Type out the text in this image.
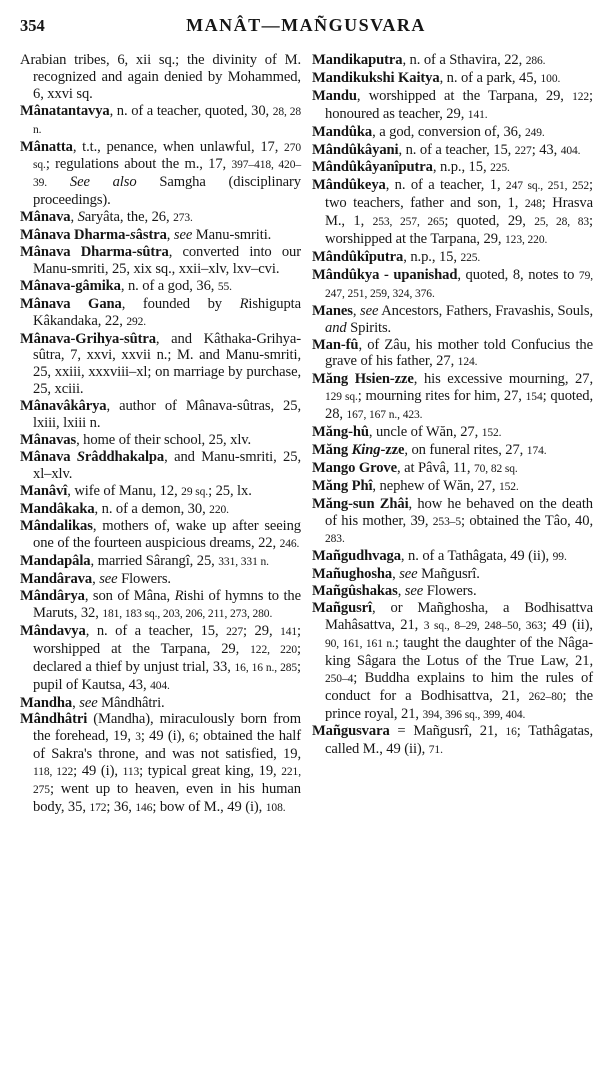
354	MANÂT—MAÑGUSVARA

Arabian tribes, 6, xii sq.; the divinity of M. recognized and again denied by Mohammed, 6, xxvi sq.

Mânatantavya, n. of a teacher, quoted, 30, 28, 28 n.

Mânatta, t.t., penance, when unlawful, 17, 270 sq.; regulations about the m., 17, 397–418, 420–39. See also Samgha (disciplinary proceedings).

Mânava, Saryâta, the, 26, 273.

Mânava Dharma-sâstra, see Manu-smriti.

Mânava Dharma-sûtra, converted into our Manu-smriti, 25, xix sq., xxii–xlv, lxv–cvi.

Mânava-gâmika, n. of a god, 36, 55.

Mânava Gana, founded by Rishigupta Kâkandaka, 22, 292.

Mânava-Grihya-sûtra, and Kâthaka-Grihya-sûtra, 7, xxvi, xxvii n.; M. and Manu-smriti, 25, xxiii, xxxviii–xl; on marriage by purchase, 25, xciii.

Mânavâkârya, author of Mânava-sûtras, 25, lxiii, lxiii n.

Mânavas, home of their school, 25, xlv.

Mânava Srâddhakalpa, and Manu-smriti, 25, xl–xlv.

Manâvî, wife of Manu, 12, 29 sq.; 25, lx.

Mandâkaka, n. of a demon, 30, 220.

Mândalikas, mothers of, wake up after seeing one of the fourteen auspicious dreams, 22, 246.

Mandapâla, married Sârangî, 25, 331, 331 n.

Mandârava, see Flowers.

Mândârya, son of Mâna, Rishi of hymns to the Maruts, 32, 181, 183 sq., 203, 206, 211, 273, 280.

Mândavya, n. of a teacher, 15, 227; 29, 141; worshipped at the Tarpana, 29, 122, 220; declared a thief by unjust trial, 33, 16, 16 n., 285; pupil of Kautsa, 43, 404.

Mandha, see Mândhâtri.

Mândhâtri (Mandha), miraculously born from the forehead, 19, 3; 49 (i), 6; obtained the half of Sakra's throne, and was not satisfied, 19, 118, 122; 49 (i), 113; typical great king, 19, 221, 275; went up to heaven, even in his human body, 35, 172; 36, 146; bow of M., 49 (i), 108.

Mandikaputra, n. of a Sthavira, 22, 286.

Mandikukshi Kaitya, n. of a park, 45, 100.

Mandu, worshipped at the Tarpana, 29, 122; honoured as teacher, 29, 141.

Mandûka, a god, conversion of, 36, 249.

Mândûkâyani, n. of a teacher, 15, 227; 43, 404.

Mândûkâyanîputra, n.p., 15, 225.

Mândûkeya, n. of a teacher, 1, 247 sq., 251, 252; two teachers, father and son, 1, 248; Hrasva M., 1, 253, 257, 265; quoted, 29, 25, 28, 83; worshipped at the Tarpana, 29, 123, 220.

Mândûkîputra, n.p., 15, 225.

Mândûkya - upanishad, quoted, 8, notes to 79, 247, 251, 259, 324, 376.

Manes, see Ancestors, Fathers, Fravashis, Souls, and Spirits.

Man-fû, of Zâu, his mother told Confucius the grave of his father, 27, 124.

Măng Hsien-zze, his excessive mourning, 27, 129 sq.; mourning rites for him, 27, 154; quoted, 28, 167, 167 n., 423.

Măng-hû, uncle of Wăn, 27, 152.

Măng King-zze, on funeral rites, 27, 174.

Mango Grove, at Pâvâ, 11, 70, 82 sq.

Măng Phî, nephew of Wăn, 27, 152.

Măng-sun Zhâi, how he behaved on the death of his mother, 39, 253–5; obtained the Tâo, 40, 283.

Mañgudhvaga, n. of a Tathâgata, 49 (ii), 99.

Mañughosha, see Mañgusrî.

Mañgûshakas, see Flowers.

Mañgusrî, or Mañghosha, a Bodhisattva Mahâsattva, 21, 3 sq., 8–29, 248–50, 363; 49 (ii), 90, 161, 161 n.; taught the daughter of the Nâga-king Sâgara the Lotus of the True Law, 21, 250–4; Buddha explains to him the rules of conduct for a Bodhisattva, 21, 262–80; the prince royal, 21, 394, 396 sq., 399, 404.

Mañgusvara = Mañgusrî, 21, 16; Tathâgatas, called M., 49 (ii), 71.
